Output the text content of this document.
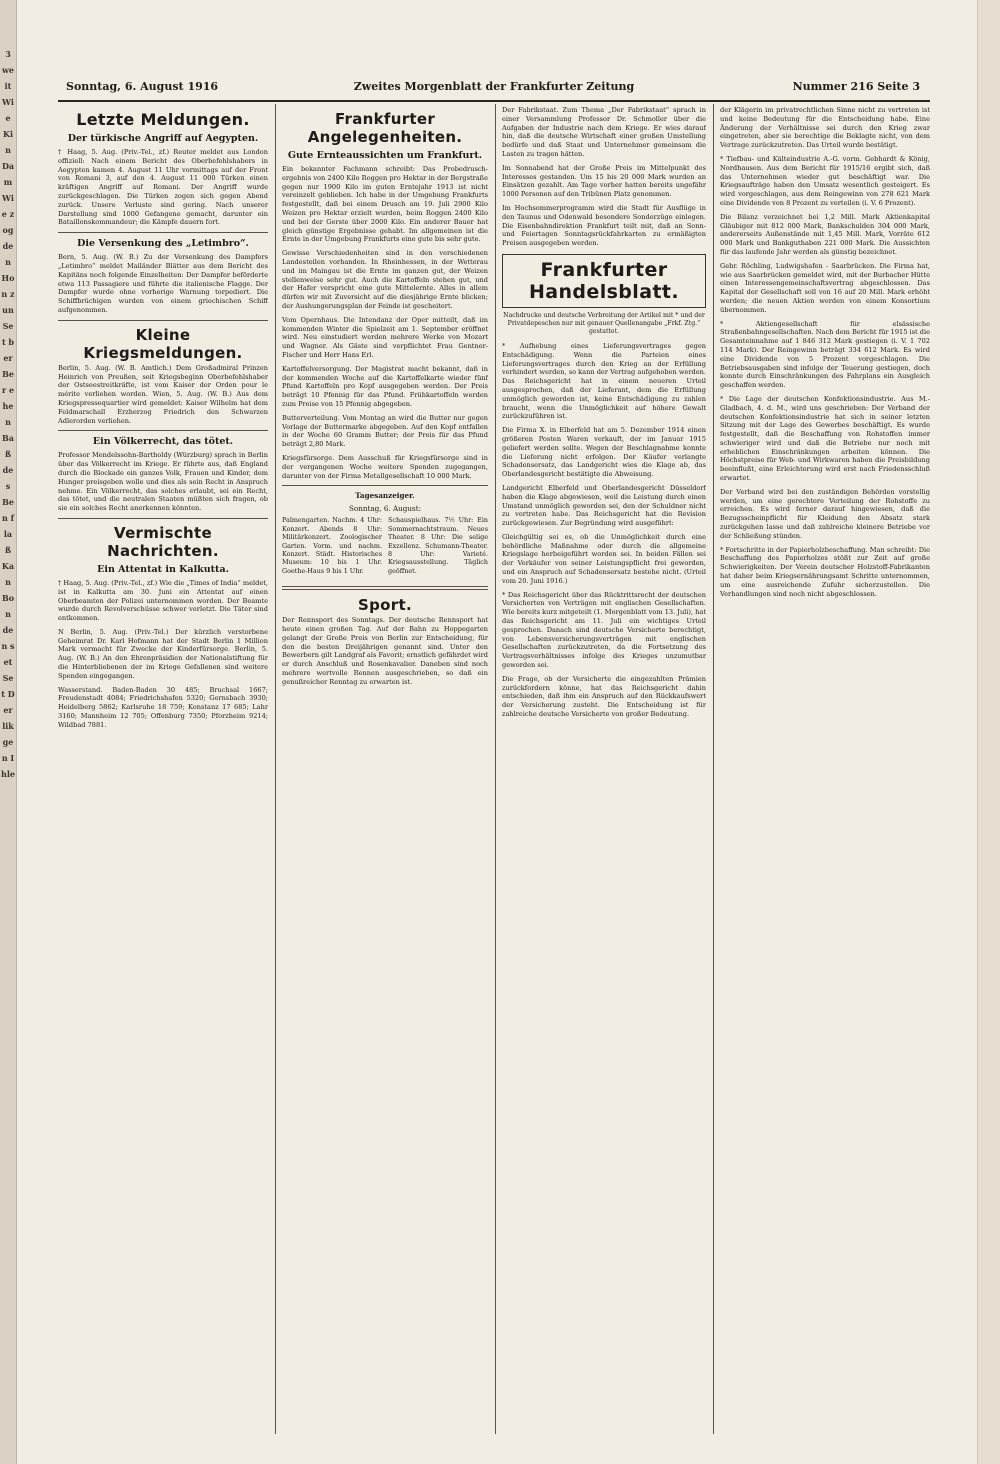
3 weit Wie Kin Dam Wie zog den Hon zun Set ber Ber ehen Baß des Ben flaß Kan Bon den set Set Der lik gen Ihle
Sonntag, 6. August 1916	Zweites Morgenblatt der Frankfurter Zeitung	Nummer 216 Seite 3
Letzte Meldungen.
Der türkische Angriff auf Aegypten.

† Haag, 5. Aug. (Priv.-Tel., zf.) Reuter meldet aus London offiziell: Nach einem Bericht des Oberbefehlshabers in Aegypten kamen 4. August 11 Uhr vormittags auf der Front von Romani 3, auf den 4. August 11 000 Türken einen kräftigen Angriff auf Romani. Der Angriff wurde zurückgeschlagen. Die Türken zogen sich gegen Abend zurück. Unsere Verluste sind gering. Nach unserer Darstellung sind 1000 Gefangene gemacht, darunter ein Bataillonskommandeur; die Kämpfe dauern fort.

Die Versenkung des „Letimbro“.

Bern, 5. Aug. (W. B.) Zu der Versenkung des Dampfers „Letimbro“ meldet Mailänder Blätter aus dem Bericht des Kapitäns noch folgende Einzelheiten: Der Dampfer beförderte etwa 113 Passagiere und führte die italienische Flagge. Der Dampfer wurde ohne vorherige Warnung torpediert. Die Schiffbrüchigen wurden von einem griechischen Schiff aufgenommen.

Kleine Kriegsmeldungen.

Berlin, 5. Aug. (W. B. Amtlich.) Dem Großadmiral Prinzen Heinrich von Preußen, seit Kriegsbeginn Oberbefehlshaber der Ostseestreitkräfte, ist vom Kaiser der Orden pour le mérite verliehen worden. Wien, 5. Aug. (W. B.) Aus dem Kriegspressequartier wird gemeldet: Kaiser Wilhelm hat dem Feldmarschall Erzherzog Friedrich den Schwarzen Adlerorden verliehen.

Ein Völkerrecht, das tötet.

Professor Mendelssohn-Bartholdy (Würzburg) sprach in Berlin über das Völkerrecht im Kriege. Er führte aus, daß England durch die Blockade ein ganzes Volk, Frauen und Kinder, dem Hunger preisgeben wolle und dies als sein Recht in Anspruch nehme. Ein Völkerrecht, das solches erlaubt, sei ein Recht, das tötet, und die neutralen Staaten müßten sich fragen, ob sie ein solches Recht anerkennen könnten.

Vermischte Nachrichten.
Ein Attentat in Kalkutta.

† Haag, 5. Aug. (Priv.-Tel., zf.) Wie die „Times of India“ meldet, ist in Kalkutta am 30. Juni ein Attentat auf einen Oberbeamten der Polizei unternommen worden. Der Beamte wurde durch Revolverschüsse schwer verletzt. Die Täter sind entkommen.

N Berlin, 5. Aug. (Priv.-Tel.) Der kürzlich verstorbene Geheimrat Dr. Karl Hofmann hat der Stadt Berlin 1 Million Mark vermacht für Zwecke der Kinderfürsorge. Berlin, 5. Aug. (W. B.) An den Ehrenpräsidien der Nationalstiftung für die Hinterbliebenen der im Kriege Gefallenen sind weitere Spenden eingegangen.

Wasserstand. Baden-Baden 30 485; Bruchsal 1667; Freudenstadt 4084; Friedrichshafen 5320; Gernsbach 3930; Heidelberg 5862; Karlsruhe 18 759; Konstanz 17 685; Lahr 3160; Mannheim 12 705; Offenburg 7350; Pforzheim 9214; Wildbad 7881.

Frankfurter Angelegenheiten.
Gute Ernteaussichten um Frankfurt.

Ein bekannter Fachmann schreibt: Das Probedrusch-ergebnis von 2400 Kilo Roggen pro Hektar in der Bergstraße gegen nur 1900 Kilo im guten Erntejahr 1913 ist nicht vereinzelt geblieben. Ich habe in der Umgebung Frankfurts festgestellt, daß bei einem Drusch am 19. Juli 2900 Kilo Weizen pro Hektar erzielt wurden, beim Roggen 2400 Kilo und bei der Gerste über 2000 Kilo. Ein anderer Bauer hat gleich günstige Ergebnisse gehabt. Im allgemeinen ist die Ernte in der Umgebung Frankfurts eine gute bis sehr gute.

Gewisse Verschiedenheiten sind in den verschiedenen Landesteilen vorhanden. In Rheinhessen, in der Wetterau und im Maingau ist die Ernte im ganzen gut, der Weizen stellenweise sehr gut. Auch die Kartoffeln stehen gut, und der Hafer verspricht eine gute Mittelernte. Alles in allem dürfen wir mit Zuversicht auf die diesjährige Ernte blicken; der Aushungerungsplan der Feinde ist gescheitert.

Vom Opernhaus. Die Intendanz der Oper mitteilt, daß im kommenden Winter die Spielzeit am 1. September eröffnet wird. Neu einstudiert werden mehrere Werke von Mozart und Wagner. Als Gäste sind verpflichtet Frau Gentner-Fischer und Herr Hans Erl.

Kartoffelversorgung. Der Magistrat macht bekannt, daß in der kommenden Woche auf die Kartoffelkarte wieder fünf Pfund Kartoffeln pro Kopf ausgegeben werden. Der Preis beträgt 10 Pfennig für das Pfund. Frühkartoffeln werden zum Preise von 15 Pfennig abgegeben.

Butterverteilung. Vom Montag an wird die Butter nur gegen Vorlage der Buttermarke abgegeben. Auf den Kopf entfallen in der Woche 60 Gramm Butter; der Preis für das Pfund beträgt 2,80 Mark.

Kriegsfürsorge. Dem Ausschuß für Kriegsfürsorge sind in der vergangenen Woche weitere Spenden zugegangen, darunter von der Firma Metallgesellschaft 10 000 Mark.

Tagesanzeiger.
Sonntag, 6. August:

Palmengarten. Nachm. 4 Uhr: Konzert. Abends 8 Uhr: Militärkonzert. Zoologischer Garten. Vorm. und nachm. Konzert. Städt. Historisches Museum: 10 bis 1 Uhr. Goethe-Haus 9 bis 1 Uhr.

Schauspielhaus. 7½ Uhr: Ein Sommernachtstraum. Neues Theater. 8 Uhr: Die selige Exzellenz. Schumann-Theater. 8 Uhr: Varieté. Kriegsausstellung. Täglich geöffnet.

Sport.

Der Rennsport des Sonntags. Der deutsche Rennsport hat heute einen großen Tag. Auf der Bahn zu Hoppegarten gelangt der Große Preis von Berlin zur Entscheidung, für den die besten Dreijährigen genannt sind. Unter den Bewerbern gilt Landgraf als Favorit; ernstlich gefährdet wird er durch Anschluß und Rosenkavalier. Daneben sind noch mehrere wertvolle Rennen ausgeschrieben, so daß ein genußreicher Renntag zu erwarten ist.

Der Fabrikstaat. Zum Thema „Der Fabrikstaat“ sprach in einer Versammlung Professor Dr. Schmoller über die Aufgaben der Industrie nach dem Kriege. Er wies darauf hin, daß die deutsche Wirtschaft einer großen Umstellung bedürfe und daß Staat und Unternehmer gemeinsam die Lasten zu tragen hätten.

Im Sonnabend hat der Große Preis im Mittelpunkt des Interesses gestanden. Um 15 bis 20 000 Mark wurden an Einsätzen gezahlt. Am Tage vorher hatten bereits ungefähr 1000 Personen auf den Tribünen Platz genommen.

Im Hochsommerprogramm wird die Stadt für Ausflüge in den Taunus und Odenwald besondere Sonderzüge einlegen. Die Eisenbahndirektion Frankfurt teilt mit, daß an Sonn- und Feiertagen Sonntagsrückfahrkarten zu ermäßigten Preisen ausgegeben werden.

Frankfurter Handelsblatt.
Nachdrucke und deutsche Verbreitung der Artikel mit * und der Privatdepeschen nur mit genauer Quellenangabe „Frkf. Ztg.“ gestattet.

* Aufhebung eines Lieferungsvertrages gegen Entschädigung. Wenn die Parteien eines Lieferungsvertrages durch den Krieg an der Erfüllung verhindert werden, so kann der Vertrag aufgehoben werden. Das Reichsgericht hat in einem neueren Urteil ausgesprochen, daß der Lieferant, dem die Erfüllung unmöglich geworden ist, keine Entschädigung zu zahlen braucht, wenn die Unmöglichkeit auf höhere Gewalt zurückzuführen ist.

Die Firma X. in Elberfeld hat am 5. Dezember 1914 einen größeren Posten Waren verkauft, der im Januar 1915 geliefert werden sollte. Wegen der Beschlagnahme konnte die Lieferung nicht erfolgen. Der Käufer verlangte Schadensersatz, das Landgericht wies die Klage ab, das Oberlandesgericht bestätigte die Abweisung.

Landgericht Elberfeld und Oberlandesgericht Düsseldorf haben die Klage abgewiesen, weil die Leistung durch einen Umstand unmöglich geworden sei, den der Schuldner nicht zu vertreten habe. Das Reichsgericht hat die Revision zurückgewiesen. Zur Begründung wird ausgeführt:

Gleichgültig sei es, ob die Unmöglichkeit durch eine behördliche Maßnahme oder durch die allgemeine Kriegslage herbeigeführt worden sei. In beiden Fällen sei der Verkäufer von seiner Leistungspflicht frei geworden, und ein Anspruch auf Schadensersatz bestehe nicht. (Urteil vom 20. Juni 1916.)

* Das Reichsgericht über das Rücktrittsrecht der deutschen Versicherten von Verträgen mit englischen Gesellschaften. Wie bereits kurz mitgeteilt (1. Morgenblatt vom 13. Juli), hat das Reichsgericht am 11. Juli ein wichtiges Urteil gesprochen. Danach sind deutsche Versicherte berechtigt, von Lebensversicherungsverträgen mit englischen Gesellschaften zurückzutreten, da die Fortsetzung des Vertragsverhältnisses infolge des Krieges unzumutbar geworden sei.

Die Frage, ob der Versicherte die eingezahlten Prämien zurückfordern könne, hat das Reichsgericht dahin entschieden, daß ihm ein Anspruch auf den Rückkaufswert der Versicherung zusteht. Die Entscheidung ist für zahlreiche deutsche Versicherte von großer Bedeutung.

der Klägerin im privatrechtlichen Sinne nicht zu vertreten ist und keine Bedeutung für die Entscheidung habe. Eine Änderung der Verhältnisse sei durch den Krieg zwar eingetreten, aber sie berechtige die Beklagte nicht, von dem Vertrage zurückzutreten. Das Urteil wurde bestätigt.

* Tiefbau- und Kälteindustrie A.-G. vorm. Gebhardt & König, Nordhausen. Aus dem Bericht für 1915/16 ergibt sich, daß das Unternehmen wieder gut beschäftigt war. Die Kriegsaufträge haben den Umsatz wesentlich gesteigert. Es wird vorgeschlagen, aus dem Reingewinn von 278 621 Mark eine Dividende von 8 Prozent zu verteilen (i. V. 6 Prozent).

Die Bilanz verzeichnet bei 1,2 Mill. Mark Aktienkapital Gläubiger mit 812 000 Mark, Bankschulden 304 000 Mark, andererseits Außenstände mit 1,45 Mill. Mark, Vorräte 612 000 Mark und Bankguthaben 221 000 Mark. Die Aussichten für das laufende Jahr werden als günstig bezeichnet.

Gebr. Röchling, Ludwigshafen - Saarbrücken. Die Firma hat, wie aus Saarbrücken gemeldet wird, mit der Burbacher Hütte einen Interessengemeinschaftsvertrag abgeschlossen. Das Kapital der Gesellschaft soll von 16 auf 20 Mill. Mark erhöht werden; die neuen Aktien werden von einem Konsortium übernommen.

* Aktiengesellschaft für elsässische Straßenbahngesellschaften. Nach dem Bericht für 1915 ist die Gesamteinnahme auf 1 846 312 Mark gestiegen (i. V. 1 702 114 Mark). Der Reingewinn beträgt 334 612 Mark. Es wird eine Dividende von 5 Prozent vorgeschlagen. Die Betriebsausgaben sind infolge der Teuerung gestiegen, doch konnte durch Einschränkungen des Fahrplans ein Ausgleich geschaffen werden.

* Die Lage der deutschen Konfektionsindustrie. Aus M.-Gladbach, 4. d. M., wird uns geschrieben: Der Verband der deutschen Konfektionsindustrie hat sich in seiner letzten Sitzung mit der Lage des Gewerbes beschäftigt. Es wurde festgestellt, daß die Beschaffung von Rohstoffen immer schwieriger wird und daß die Betriebe nur noch mit erheblichen Einschränkungen arbeiten können. Die Höchstpreise für Web- und Wirkwaren haben die Preisbildung beeinflußt, eine Erleichterung wird erst nach Friedensschluß erwartet.

Der Verband wird bei den zuständigen Behörden vorstellig werden, um eine gerechtere Verteilung der Rohstoffe zu erreichen. Es wird ferner darauf hingewiesen, daß die Bezugsscheinpflicht für Kleidung den Absatz stark zurückgehen lasse und daß zahlreiche kleinere Betriebe vor der Schließung stünden.

* Fortschritte in der Papierholzbeschaffung. Man schreibt: Die Beschaffung des Papierholzes stößt zur Zeit auf große Schwierigkeiten. Der Verein deutscher Holzstoff-Fabrikanten hat daher beim Kriegsernährungsamt Schritte unternommen, um eine ausreichende Zufuhr sicherzustellen. Die Verhandlungen sind noch nicht abgeschlossen.
